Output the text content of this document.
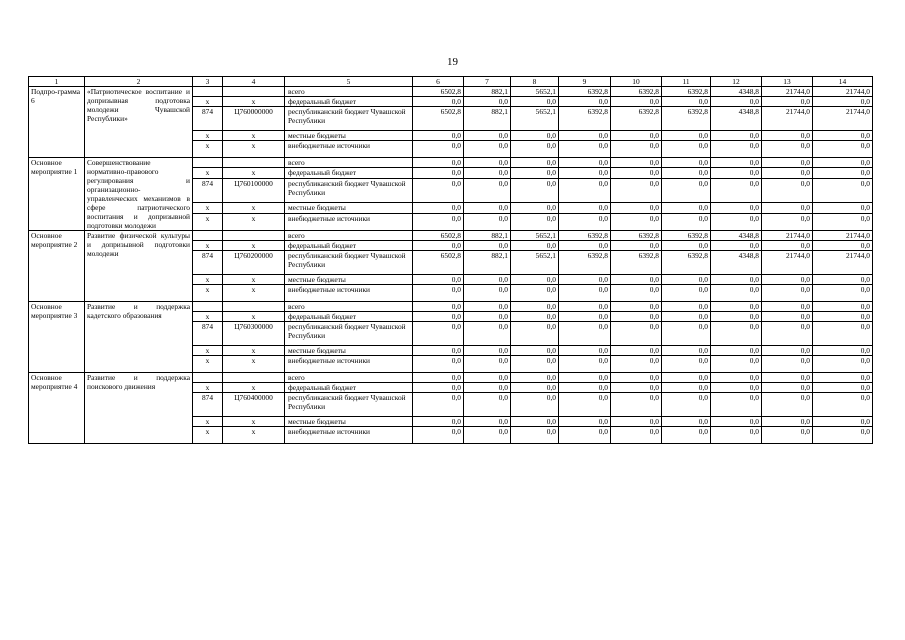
19
1	2	3	4	5	6	7	8	9	10	11	12	13	14
Подпро-грамма 6	«Патриотическое воспитание и допризывная подготовка молодежи Чувашской Республики»			всего	6502,8	882,1	5652,1	6392,8	6392,8	6392,8	4348,8	21744,0	21744,0
		х	х	федеральный бюджет	0,0	0,0	0,0	0,0	0,0	0,0	0,0	0,0	0,0
		874	Ц760000000	республиканский бюджет Чувашской Республики	6502,8	882,1	5652,1	6392,8	6392,8	6392,8	4348,8	21744,0	21744,0
		х	х	местные бюджеты	0,0	0,0	0,0	0,0	0,0	0,0	0,0	0,0	0,0
		х	х	внебюджетные источники	0,0	0,0	0,0	0,0	0,0	0,0	0,0	0,0	0,0
Основное мероприятие 1	Совершенствование нормативно-правового регулирования и организационно-управленческих механизмов в сфере патриотического воспитания и допризывной подготовки молодежи			всего	0,0	0,0	0,0	0,0	0,0	0,0	0,0	0,0	0,0
		х	х	федеральный бюджет	0,0	0,0	0,0	0,0	0,0	0,0	0,0	0,0	0,0
		874	Ц760100000	республиканский бюджет Чувашской Республики	0,0	0,0	0,0	0,0	0,0	0,0	0,0	0,0	0,0
		х	х	местные бюджеты	0,0	0,0	0,0	0,0	0,0	0,0	0,0	0,0	0,0
		х	х	внебюджетные источники	0,0	0,0	0,0	0,0	0,0	0,0	0,0	0,0	0,0
Основное мероприятие 2	Развитие физической культуры и допризывной подготовки молодежи			всего	6502,8	882,1	5652,1	6392,8	6392,8	6392,8	4348,8	21744,0	21744,0
		х	х	федеральный бюджет	0,0	0,0	0,0	0,0	0,0	0,0	0,0	0,0	0,0
		874	Ц760200000	республиканский бюджет Чувашской Республики	6502,8	882,1	5652,1	6392,8	6392,8	6392,8	4348,8	21744,0	21744,0
		х	х	местные бюджеты	0,0	0,0	0,0	0,0	0,0	0,0	0,0	0,0	0,0
		х	х	внебюджетные источники	0,0	0,0	0,0	0,0	0,0	0,0	0,0	0,0	0,0
Основное мероприятие 3	Развитие и поддержка кадетского образования			всего	0,0	0,0	0,0	0,0	0,0	0,0	0,0	0,0	0,0
		х	х	федеральный бюджет	0,0	0,0	0,0	0,0	0,0	0,0	0,0	0,0	0,0
		874	Ц760300000	республиканский бюджет Чувашской Республики	0,0	0,0	0,0	0,0	0,0	0,0	0,0	0,0	0,0
		х	х	местные бюджеты	0,0	0,0	0,0	0,0	0,0	0,0	0,0	0,0	0,0
		х	х	внебюджетные источники	0,0	0,0	0,0	0,0	0,0	0,0	0,0	0,0	0,0
Основное мероприятие 4	Развитие и поддержка поискового движения			всего	0,0	0,0	0,0	0,0	0,0	0,0	0,0	0,0	0,0
		х	х	федеральный бюджет	0,0	0,0	0,0	0,0	0,0	0,0	0,0	0,0	0,0
		874	Ц760400000	республиканский бюджет Чувашской Республики	0,0	0,0	0,0	0,0	0,0	0,0	0,0	0,0	0,0
		х	х	местные бюджеты	0,0	0,0	0,0	0,0	0,0	0,0	0,0	0,0	0,0
		х	х	внебюджетные источники	0,0	0,0	0,0	0,0	0,0	0,0	0,0	0,0	0,0
